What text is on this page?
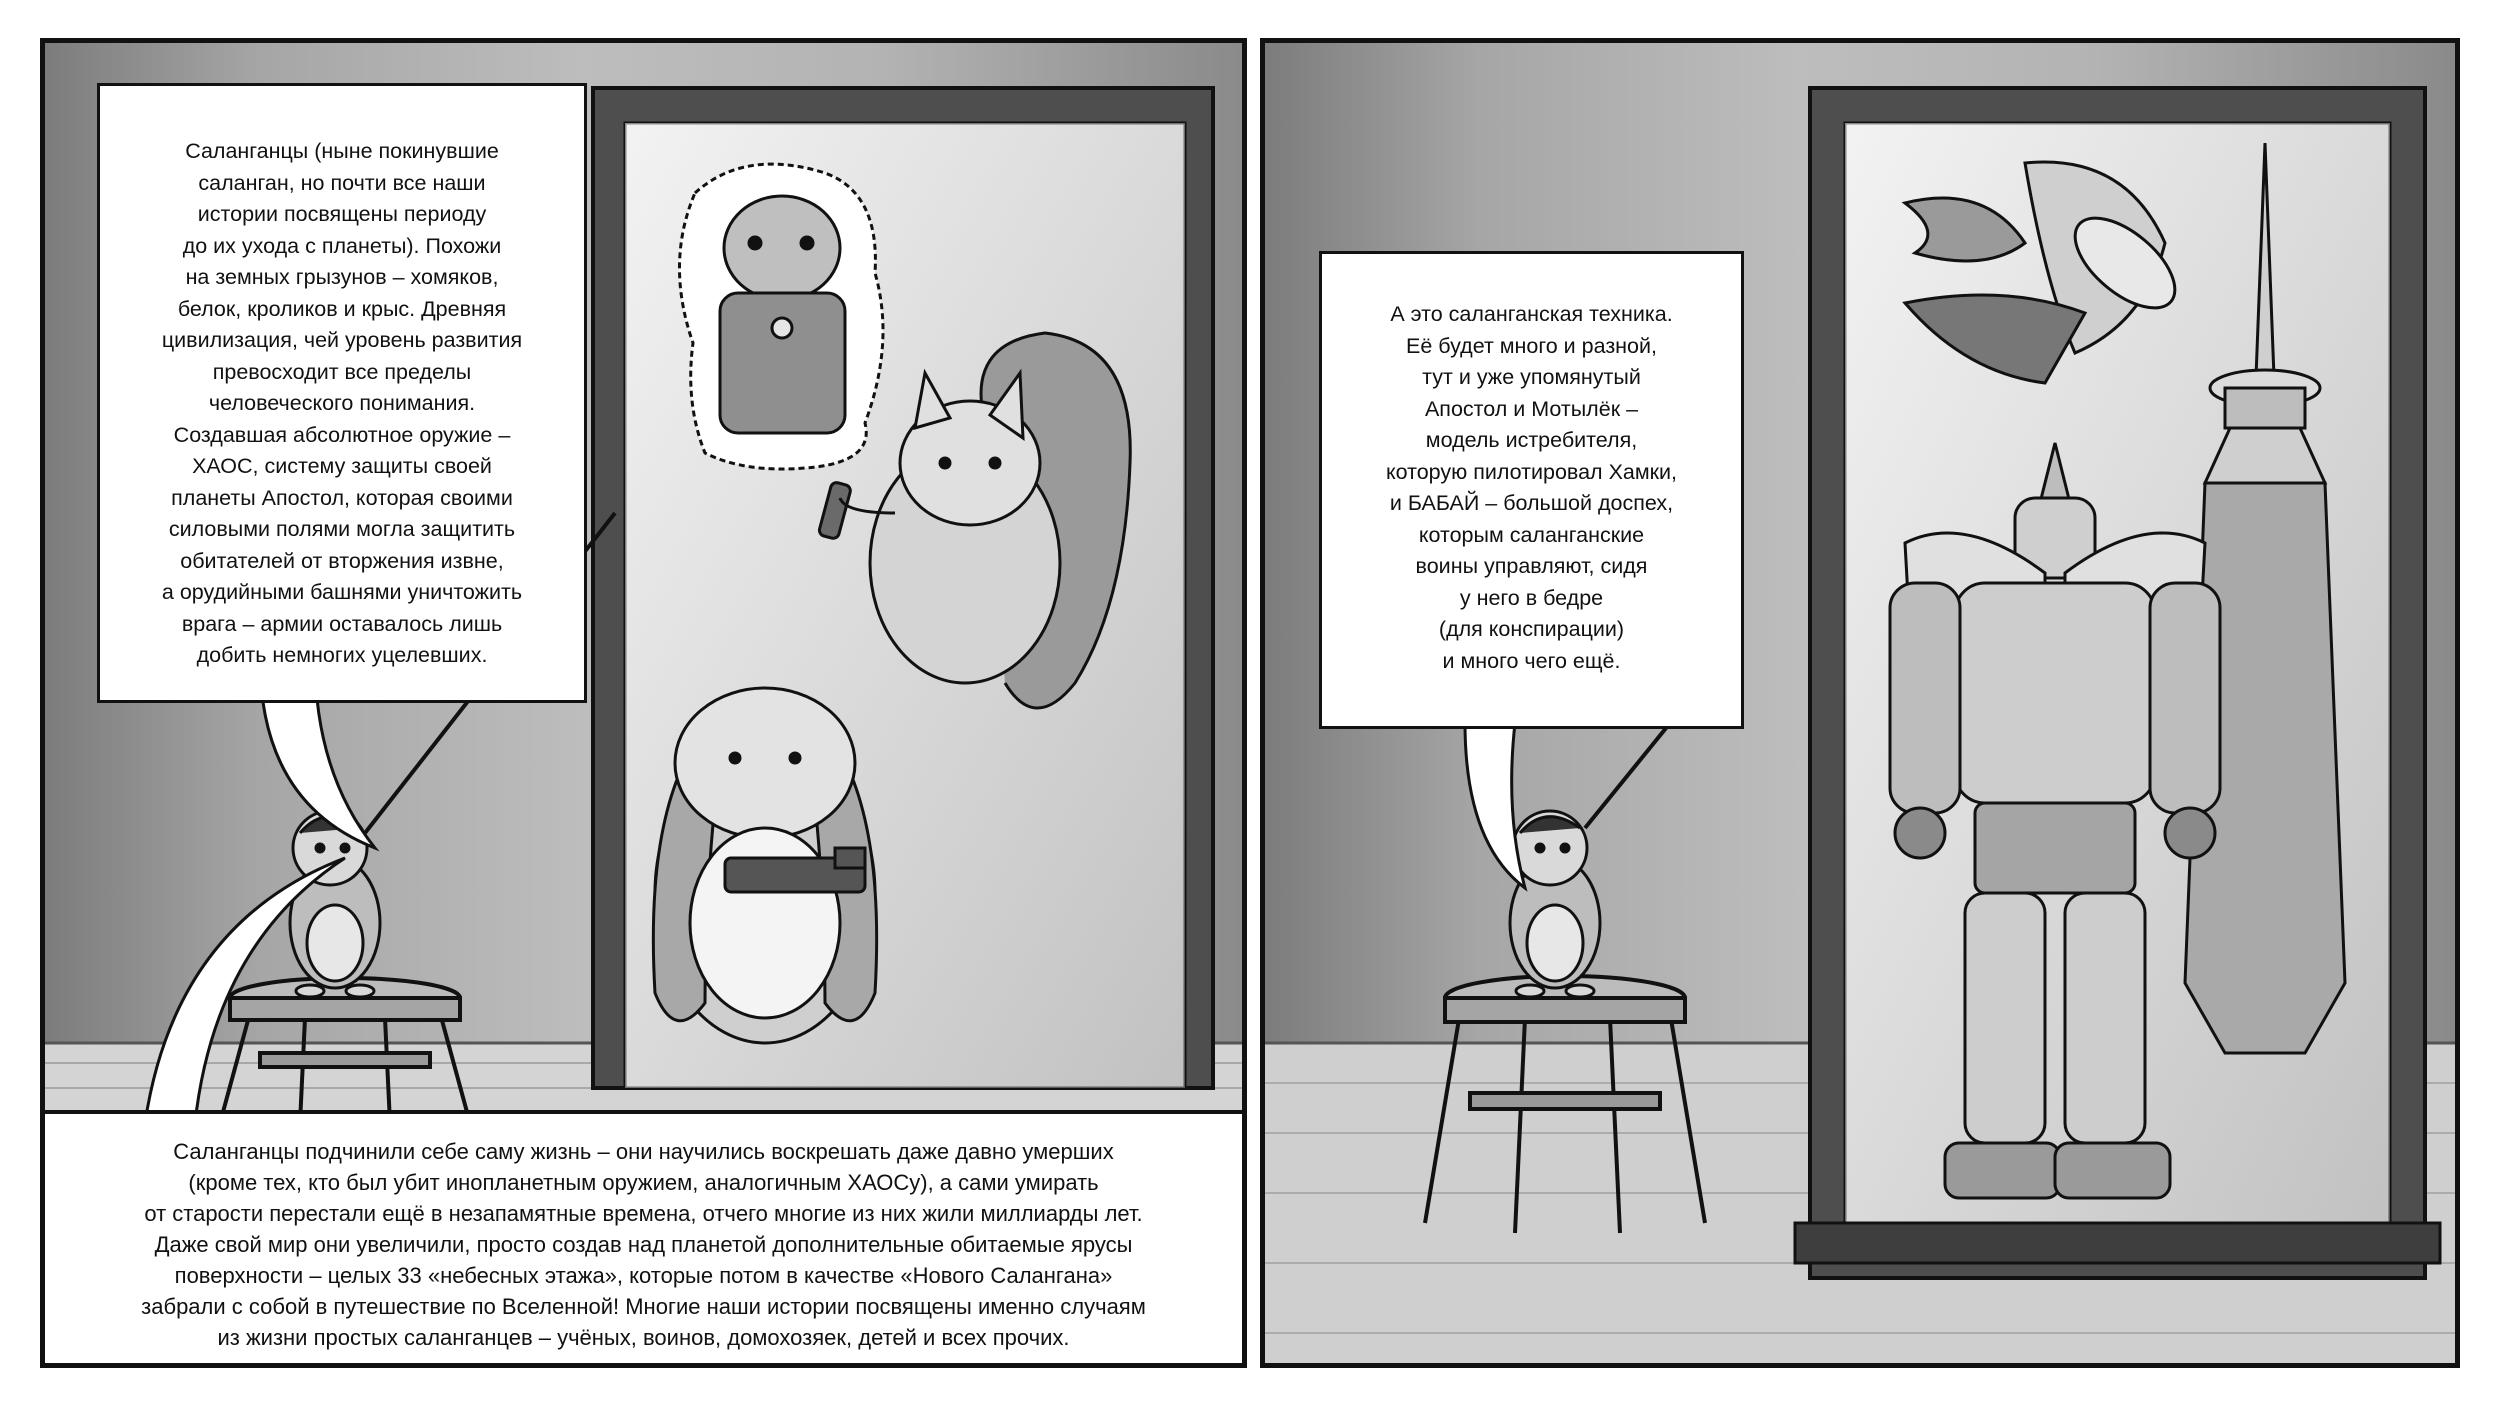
Саланганцы (ныне покинувшие
саланган, но почти все наши
истории посвящены периоду
до их ухода с планеты). Похожи
на земных грызунов – хомяков,
белок, кроликов и крыс. Древняя
цивилизация, чей уровень развития
превосходит все пределы
человеческого понимания.
Создавшая абсолютное оружие –
ХАОС, систему защиты своей
планеты Апостол, которая своими
силовыми полями могла защитить
обитателей от вторжения извне,
а орудийными башнями уничтожить
врага – армии оставалось лишь
добить немногих уцелевших.
Саланганцы подчинили себе саму жизнь – они научились воскрешать даже давно умерших
(кроме тех, кто был убит инопланетным оружием, аналогичным ХАОСу), а сами умирать
от старости перестали ещё в незапамятные времена, отчего многие из них жили миллиарды лет.
Даже свой мир они увеличили, просто создав над планетой дополнительные обитаемые ярусы
поверхности – целых 33 «небесных этажа», которые потом в качестве «Нового Салангана»
забрали с собой в путешествие по Вселенной! Многие наши истории посвящены именно случаям
из жизни простых саланганцев – учёных, воинов, домохозяек, детей и всех прочих.
А это саланганская техника.
Её будет много и разной,
тут и уже упомянутый
Апостол и Мотылёк –
модель истребителя,
которую пилотировал Хамки,
и БАБАЙ – большой доспех,
которым саланганские
воины управляют, сидя
у него в бедре
(для конспирации)
и много чего ещё.
